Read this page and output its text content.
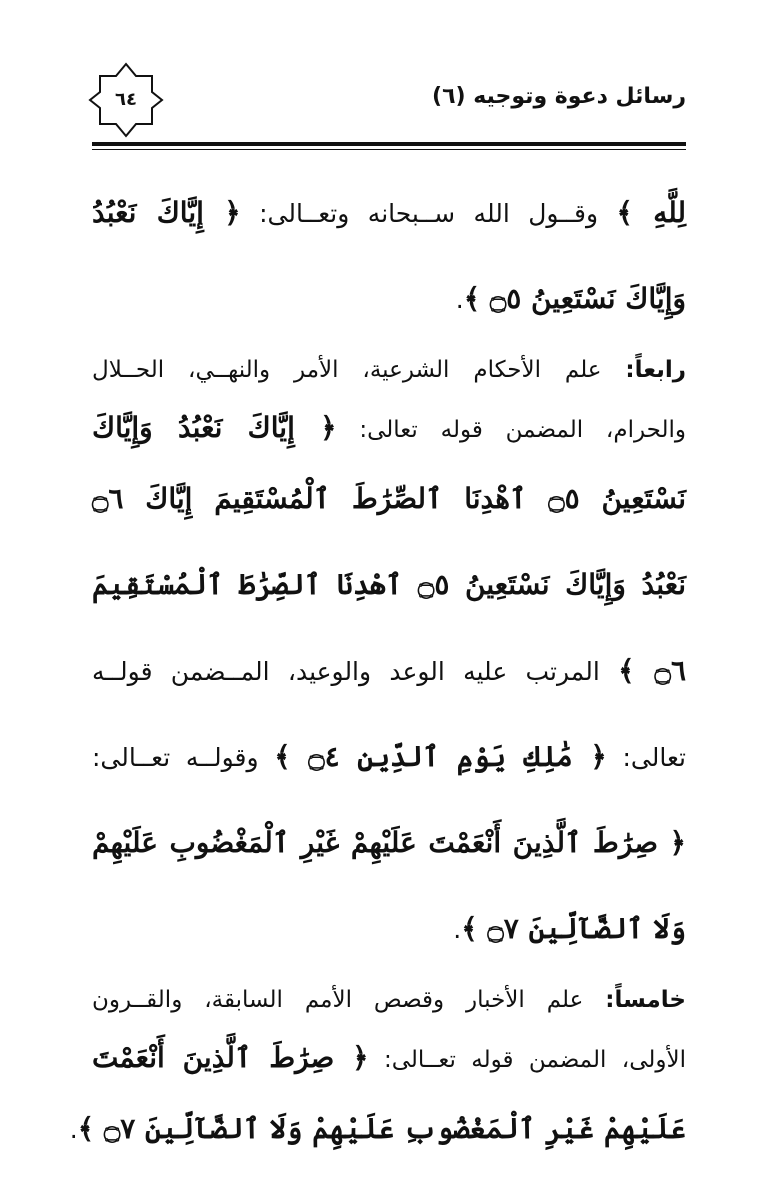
٦٤	رسائل دعوة وتوجيه (٦)
لِلَّهِ ﴾ وقــول الله ســبحانه وتعــالى: ﴿ إِيَّاكَ نَعْبُدُ
وَإِيَّاكَ نَسْتَعِينُ ۝٥ ﴾.
رابعاً: علم الأحكام الشرعية، الأمر والنهــي، الحــلال
والحرام، المضمن قوله تعالى: ﴿ إِيَّاكَ نَعْبُدُ وَإِيَّاكَ
نَسْتَعِينُ ۝٥ ٱهْدِنَا ٱلصِّرَٰطَ ٱلْمُسْتَقِيمَ إِيَّاكَ ۝٦
نَعْبُدُ وَإِيَّاكَ نَسْتَعِينُ ۝٥ ٱهْدِنَا ٱلصِّرَٰطَ ٱلْمُسْتَقِيمَ
۝٦ ﴾ المرتب عليه الوعد والوعيد، المــضمن قولــه
تعالى: ﴿ مَٰلِكِ يَوْمِ ٱلدِّينِ ۝٤ ﴾ وقولــه تعــالى:
﴿ صِرَٰطَ ٱلَّذِينَ أَنْعَمْتَ عَلَيْهِمْ غَيْرِ ٱلْمَغْضُوبِ عَلَيْهِمْ
وَلَا ٱلضَّآلِّينَ ۝٧ ﴾.
خامساً: علم الأخبار وقصص الأمم السابقة، والقــرون
الأولى، المضمن قوله تعــالى: ﴿ صِرَٰطَ ٱلَّذِينَ أَنْعَمْتَ
عَلَيْهِمْ غَيْرِ ٱلْمَغْضُوبِ عَلَيْهِمْ وَلَا ٱلضَّآلِّينَ ۝٧ ﴾.
